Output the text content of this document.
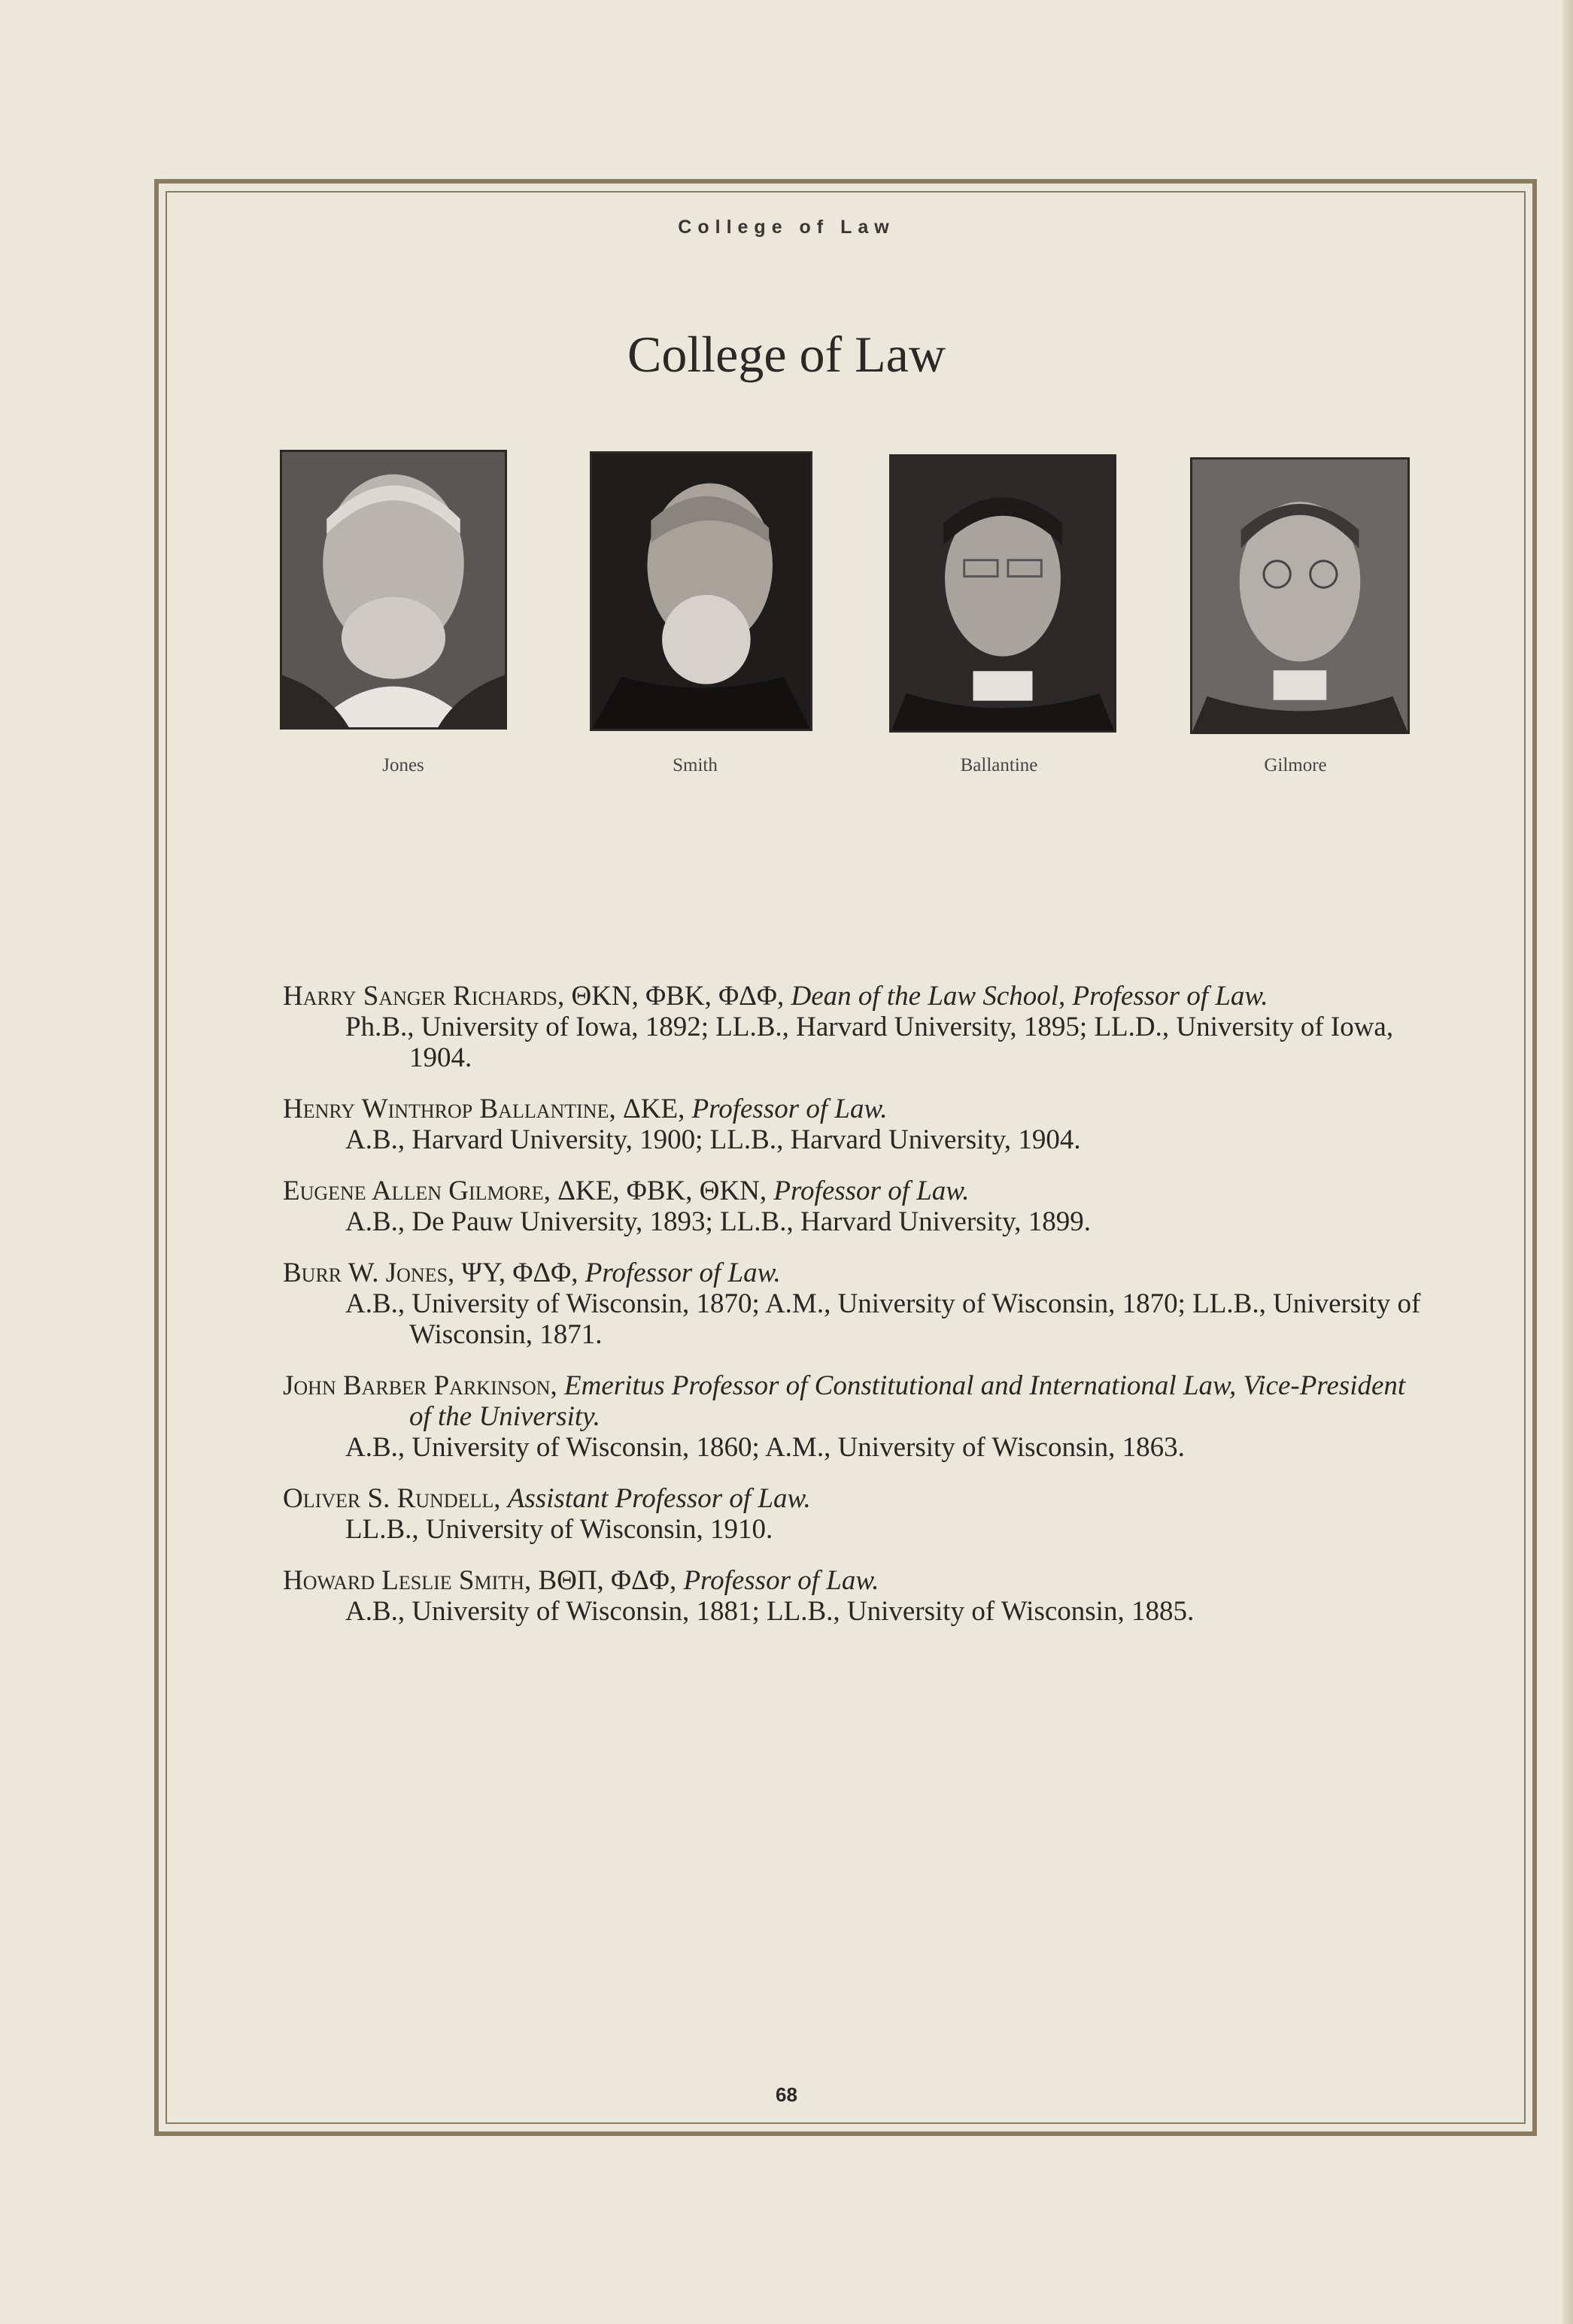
College of Law
College of Law
Jones	Smith	Ballantine	Gilmore
Harry Sanger Richards, ΘKN, ΦBK, ΦΔΦ, Dean of the Law School, Professor of Law.
Ph.B., University of Iowa, 1892; LL.B., Harvard University, 1895; LL.D., University of Iowa, 1904.
Henry Winthrop Ballantine, ΔKE, Professor of Law.
A.B., Harvard University, 1900; LL.B., Harvard University, 1904.
Eugene Allen Gilmore, ΔKE, ΦBK, ΘKN, Professor of Law.
A.B., De Pauw University, 1893; LL.B., Harvard University, 1899.
Burr W. Jones, ΨΥ, ΦΔΦ, Professor of Law.
A.B., University of Wisconsin, 1870; A.M., University of Wisconsin, 1870; LL.B., University of Wisconsin, 1871.
John Barber Parkinson, Emeritus Professor of Constitutional and International Law, Vice-President of the University.
A.B., University of Wisconsin, 1860; A.M., University of Wisconsin, 1863.
Oliver S. Rundell, Assistant Professor of Law.
LL.B., University of Wisconsin, 1910.
Howard Leslie Smith, BΘΠ, ΦΔΦ, Professor of Law.
A.B., University of Wisconsin, 1881; LL.B., University of Wisconsin, 1885.
68
